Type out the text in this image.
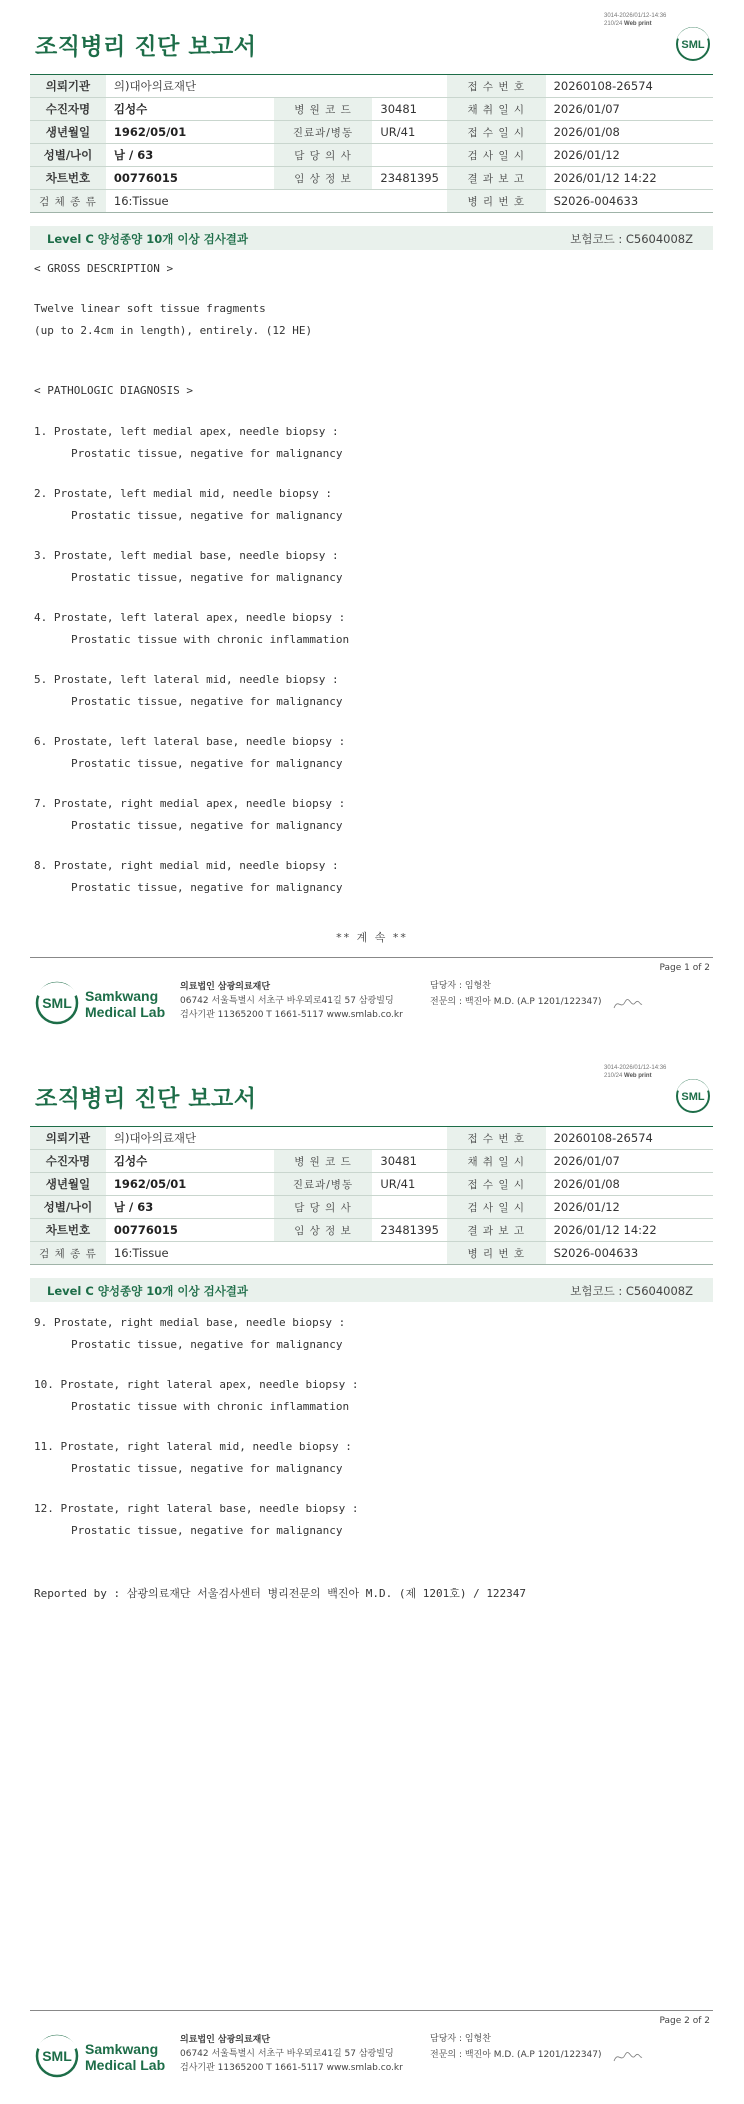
3014-2026/01/12-14:36
210/24 Web print
조직병리 진단 보고서	SML
의뢰기관	의)대아의료재단			접 수 번 호	20260108-26574
수진자명	김성수	병 원 코 드	30481	채 취 일 시	2026/01/07
생년월일	1962/05/01	진료과/병동	UR/41	접 수 일 시	2026/01/08
성별/나이	남 / 63	담 당 의 사		검 사 일 시	2026/01/12
차트번호	00776015	임 상 정 보	23481395	결 과 보 고	2026/01/12 14:22
검 체 종 류	16:Tissue			병 리 번 호	S2026-004633
Level C 양성종양 10개 이상 검사결과	보험코드 : C5604008Z
< GROSS DESCRIPTION >
Twelve linear soft tissue fragments
(up to 2.4cm in length), entirely. (12 HE)
< PATHOLOGIC DIAGNOSIS >
1. Prostate, left medial apex, needle biopsy :
Prostatic tissue, negative for malignancy
2. Prostate, left medial mid, needle biopsy :
Prostatic tissue, negative for malignancy
3. Prostate, left medial base, needle biopsy :
Prostatic tissue, negative for malignancy
4. Prostate, left lateral apex, needle biopsy :
Prostatic tissue with chronic inflammation
5. Prostate, left lateral mid, needle biopsy :
Prostatic tissue, negative for malignancy
6. Prostate, left lateral base, needle biopsy :
Prostatic tissue, negative for malignancy
7. Prostate, right medial apex, needle biopsy :
Prostatic tissue, negative for malignancy
8. Prostate, right medial mid, needle biopsy :
Prostatic tissue, negative for malignancy
** 계 속 **
Page 1 of 2
SML Samkwang
Medical Lab
의료법인 삼광의료재단
06742 서울특별시 서초구 바우뫼로41길 57 삼광빌딩
검사기관 11365200 T 1661-5117 www.smlab.co.kr
담당자 : 임형찬
전문의 : 백진아 M.D. (A.P 1201/122347)
3014-2026/01/12-14:36
210/24 Web print
조직병리 진단 보고서	SML
의뢰기관	의)대아의료재단			접 수 번 호	20260108-26574
수진자명	김성수	병 원 코 드	30481	채 취 일 시	2026/01/07
생년월일	1962/05/01	진료과/병동	UR/41	접 수 일 시	2026/01/08
성별/나이	남 / 63	담 당 의 사		검 사 일 시	2026/01/12
차트번호	00776015	임 상 정 보	23481395	결 과 보 고	2026/01/12 14:22
검 체 종 류	16:Tissue			병 리 번 호	S2026-004633
Level C 양성종양 10개 이상 검사결과	보험코드 : C5604008Z
9. Prostate, right medial base, needle biopsy :
Prostatic tissue, negative for malignancy
10. Prostate, right lateral apex, needle biopsy :
Prostatic tissue with chronic inflammation
11. Prostate, right lateral mid, needle biopsy :
Prostatic tissue, negative for malignancy
12. Prostate, right lateral base, needle biopsy :
Prostatic tissue, negative for malignancy
Reported by : 삼광의료재단 서울검사센터 병리전문의 백진아 M.D. (제 1201호) / 122347
Page 2 of 2
SML Samkwang
Medical Lab
의료법인 삼광의료재단
06742 서울특별시 서초구 바우뫼로41길 57 삼광빌딩
검사기관 11365200 T 1661-5117 www.smlab.co.kr
담당자 : 임형찬
전문의 : 백진아 M.D. (A.P 1201/122347)
